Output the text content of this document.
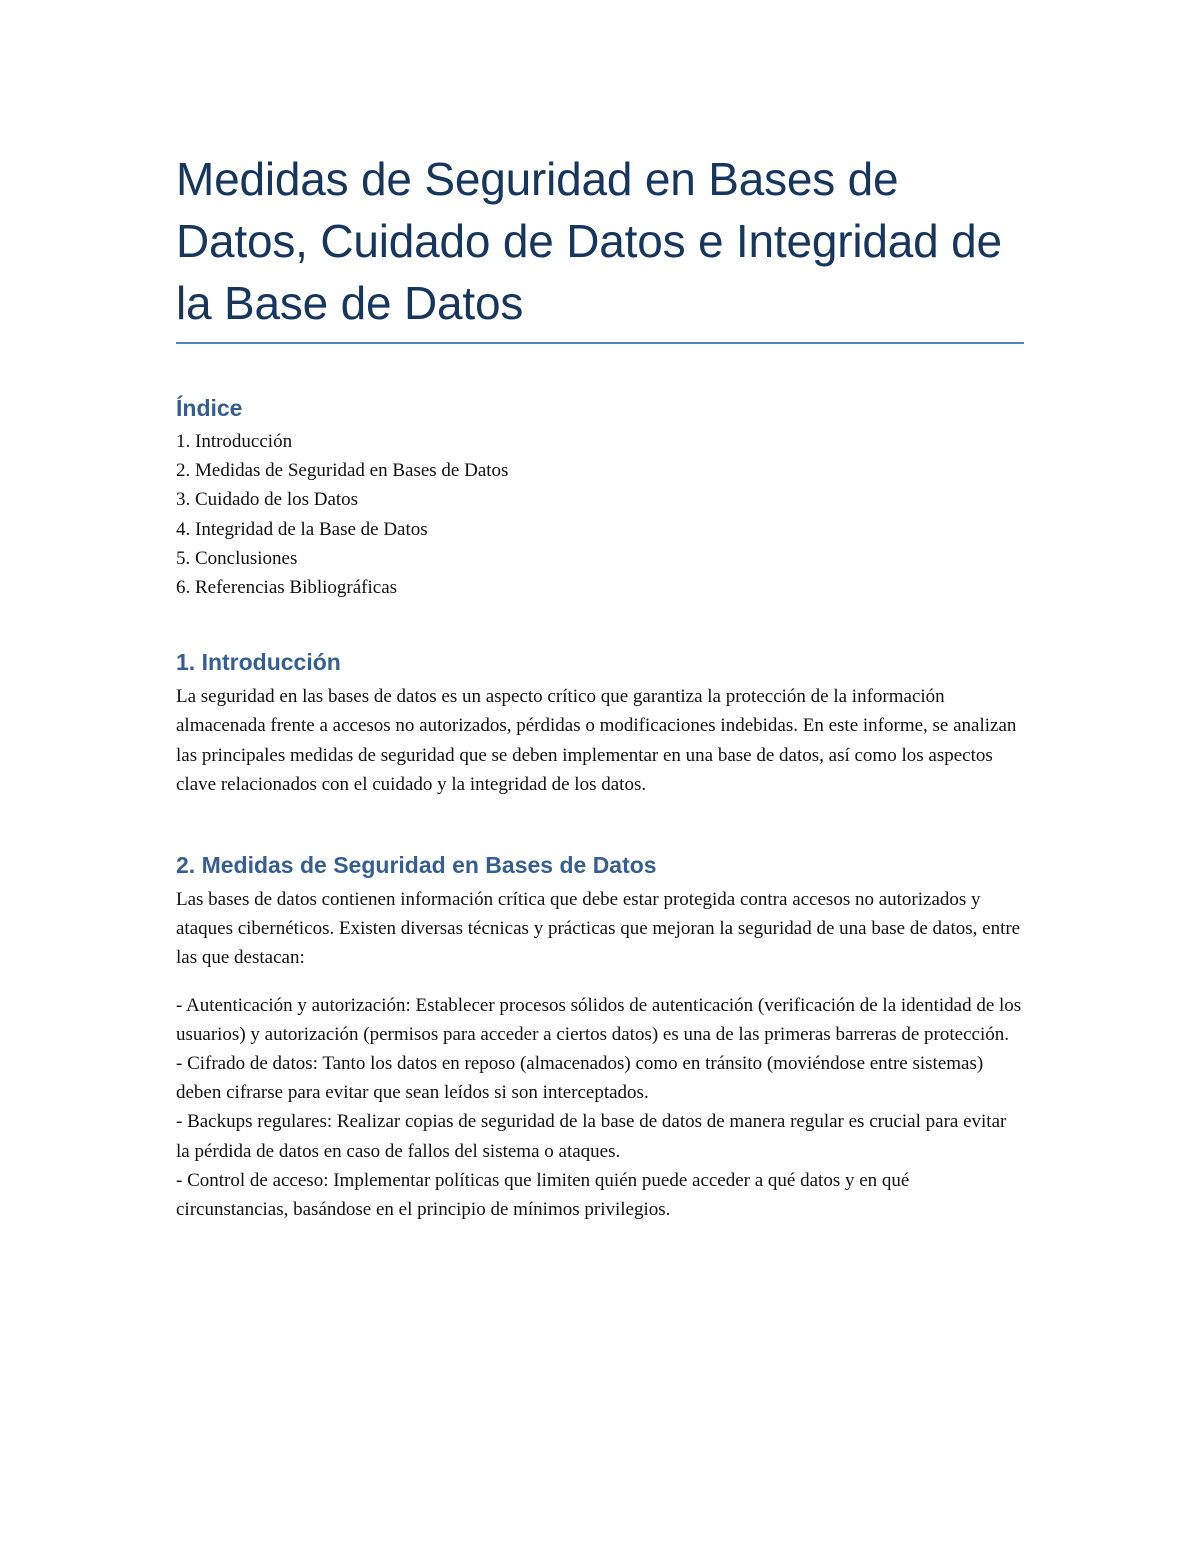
Medidas de Seguridad en Bases de Datos, Cuidado de Datos e Integridad de la Base de Datos
Índice
1. Introducción
2. Medidas de Seguridad en Bases de Datos
3. Cuidado de los Datos
4. Integridad de la Base de Datos
5. Conclusiones
6. Referencias Bibliográficas
1. Introducción

La seguridad en las bases de datos es un aspecto crítico que garantiza la protección de la información almacenada frente a accesos no autorizados, pérdidas o modificaciones indebidas. En este informe, se analizan las principales medidas de seguridad que se deben implementar en una base de datos, así como los aspectos clave relacionados con el cuidado y la integridad de los datos.

2. Medidas de Seguridad en Bases de Datos

Las bases de datos contienen información crítica que debe estar protegida contra accesos no autorizados y ataques cibernéticos. Existen diversas técnicas y prácticas que mejoran la seguridad de una base de datos, entre las que destacan:

- Autenticación y autorización: Establecer procesos sólidos de autenticación (verificación de la identidad de los usuarios) y autorización (permisos para acceder a ciertos datos) es una de las primeras barreras de protección.

- Cifrado de datos: Tanto los datos en reposo (almacenados) como en tránsito (moviéndose entre sistemas) deben cifrarse para evitar que sean leídos si son interceptados.

- Backups regulares: Realizar copias de seguridad de la base de datos de manera regular es crucial para evitar la pérdida de datos en caso de fallos del sistema o ataques.

- Control de acceso: Implementar políticas que limiten quién puede acceder a qué datos y en qué circunstancias, basándose en el principio de mínimos privilegios.
